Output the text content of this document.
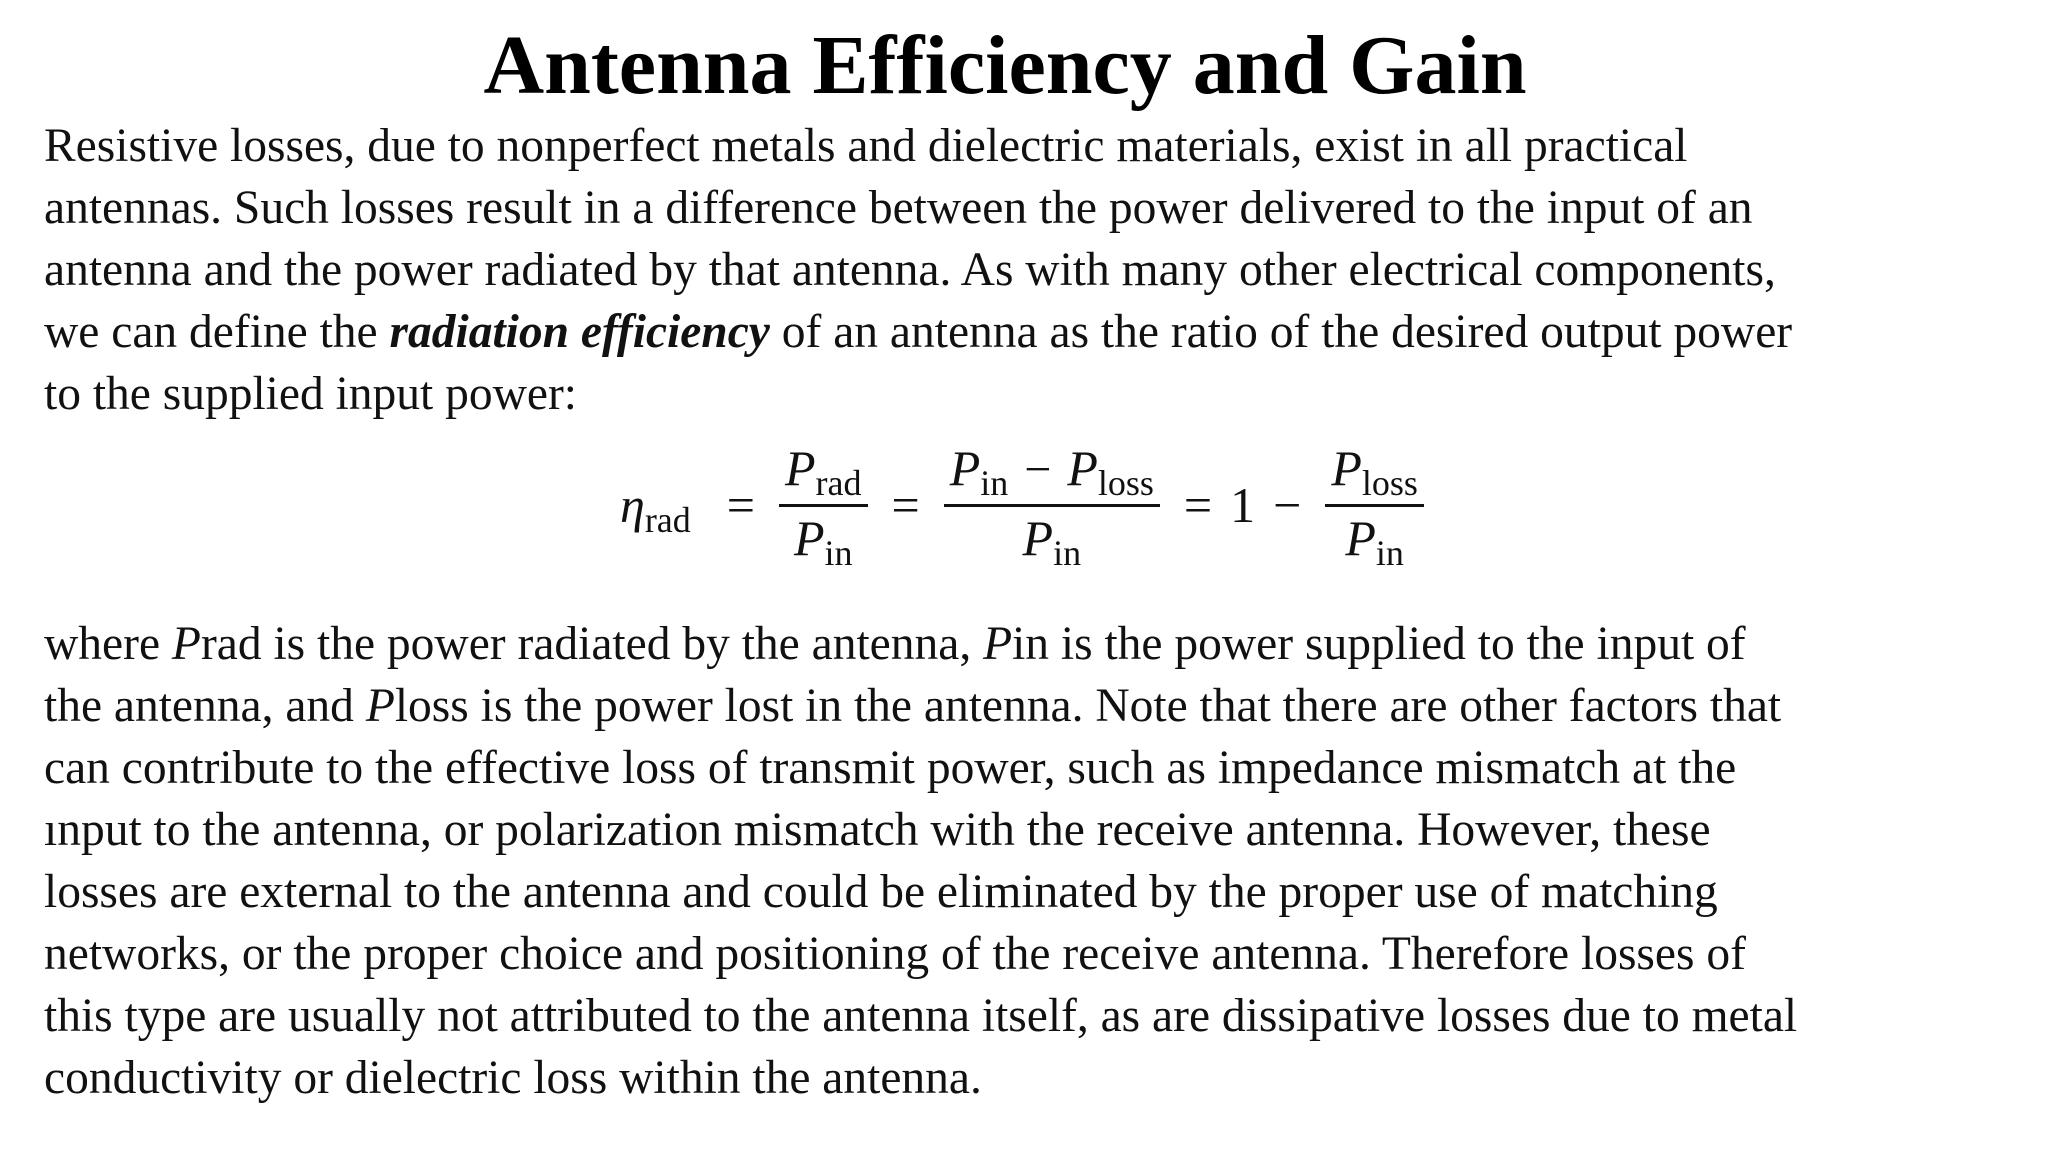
Antenna Efficiency and Gain
Resistive losses, due to nonperfect metals and dielectric materials, exist in all practical
antennas. Such losses result in a difference between the power delivered to the input of an
antenna and the power radiated by that antenna. As with many other electrical components,
we can define the radiation efficiency of an antenna as the ratio of the desired output power
to the supplied input power:
η rad = $\frac{\text{P rad}}{\text{P in}} = \frac{\text{P in − P loss}}{\text{P in}} = 1 - \frac{\text{P loss}}{\text{P in}}$
where Prad is the power radiated by the antenna, Pin is the power supplied to the input of
the antenna, and Ploss is the power lost in the antenna. Note that there are other factors that
can contribute to the effective loss of transmit power, such as impedance mismatch at the
ınput to the antenna, or polarization mismatch with the receive antenna. However, these
losses are external to the antenna and could be eliminated by the proper use of matching
networks, or the proper choice and positioning of the receive antenna. Therefore losses of
this type are usually not attributed to the antenna itself, as are dissipative losses due to metal
conductivity or dielectric loss within the antenna.
